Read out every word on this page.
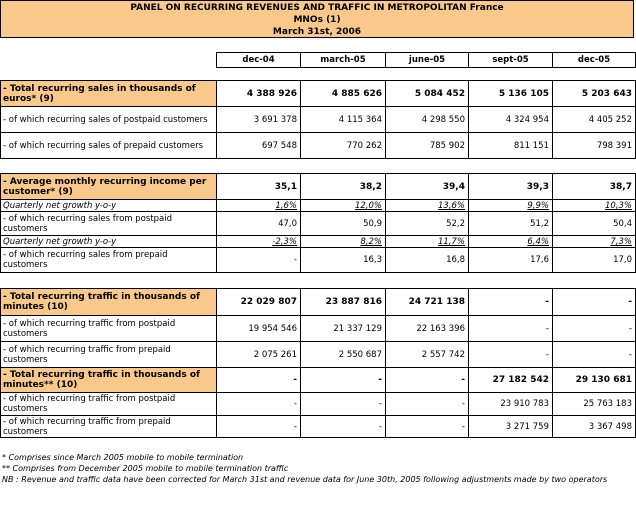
PANEL ON RECURRING REVENUES AND TRAFFIC IN METROPOLITAN France
MNOs (1)
March 31st, 2006
dec-04	march-05	june-05	sept-05	dec-05
- Total recurring sales in thousands of euros* (9)	4 388 926	4 885 626	5 084 452	5 136 105	5 203 643
- of which recurring sales of postpaid customers	3 691 378	4 115 364	4 298 550	4 324 954	4 405 252
- of which recurring sales of prepaid customers	697 548	770 262	785 902	811 151	798 391
- Average monthly recurring income per customer* (9)	35,1	38,2	39,4	39,3	38,7
Quarterly net growth y-o-y	1,6%	12,0%	13,6%	9,9%	10,3%
- of which recurring sales from postpaid customers	47,0	50,9	52,2	51,2	50,4
Quarterly net growth y-o-y	-2,3%	8,2%	11,7%	6,4%	7,3%
- of which recurring sales from prepaid customers	-	16,3	16,8	17,6	17,0
- Total recurring traffic in thousands of minutes (10)	22 029 807	23 887 816	24 721 138	-	-
- of which recurring traffic from postpaid customers	19 954 546	21 337 129	22 163 396	-	-
- of which recurring traffic from prepaid customers	2 075 261	2 550 687	2 557 742	-	-
- Total recurring traffic in thousands of minutes** (10)	-	-	-	27 182 542	29 130 681
- of which recurring traffic from postpaid customers	-	-	-	23 910 783	25 763 183
- of which recurring traffic from prepaid customers	-	-	-	3 271 759	3 367 498
* Comprises since March 2005 mobile to mobile termination
** Comprises from December 2005 mobile to mobile termination traffic
NB : Revenue and traffic data have been corrected for March 31st and revenue data for June 30th, 2005 following adjustments made by two operators
